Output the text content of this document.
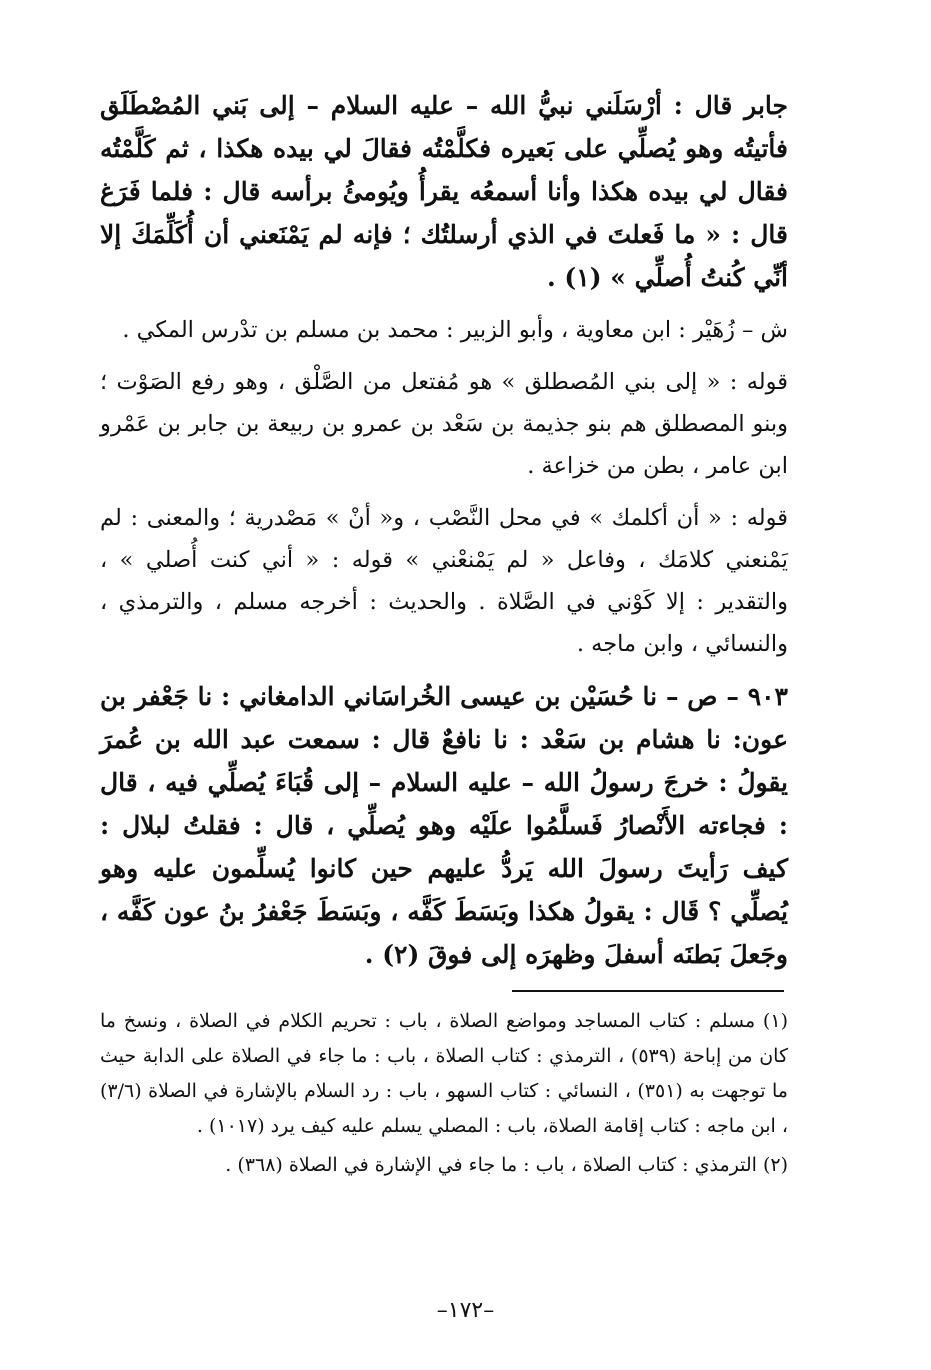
جابر قال : أرْسَلَني نبيُّ الله – عليه السلام – إلى بَني المُصْطَلَق فأتيتُه وهو يُصلِّي على بَعيره فكلَّمْتُه فقالَ لي بيده هكذا ، ثم كَلَّمْتُه فقال لي بيده هكذا وأنا أسمعُه يقرأُ ويُومئُ برأسه قال : فلما فَرَغ قال : « ما فَعلتَ في الذي أرسلتُك ؛ فإنه لم يَمْنَعني أن أُكَلِّمَكَ إلا أنِّي كُنتُ أُصلِّي » (١) .

ش – زُهَيْر : ابن معاوية ، وأبو الزبير : محمد بن مسلم بن تدْرس المكي .

قوله : « إلى بني المُصطلق » هو مُفتعل من الصَّلْق ، وهو رفع الصَوْت ؛ وبنو المصطلق هم بنو جذيمة بن سَعْد بن عمرو بن ربيعة بن جابر بن عَمْرو ابن عامر ، بطن من خزاعة .

قوله : « أن أكلمك » في محل النَّصْب ، و« أنْ » مَصْدرية ؛ والمعنى : لم يَمْنعني كلامَك ، وفاعل « لم يَمْنعْني » قوله : « أني كنت أُصلي » ، والتقدير : إلا كَوْني في الصَّلاة . والحديث : أخرجه مسلم ، والترمذي ، والنسائي ، وابن ماجه .

٩٠٣ – ص – نا حُسَيْن بن عيسى الخُراسَاني الدامغاني : نا جَعْفر بن عون: نا هشام بن سَعْد : نا نافعٌ قال : سمعت عبد الله بن عُمرَ يقولُ : خرجَ رسولُ الله – عليه السلام – إلى قُبَاءَ يُصلِّي فيه ، قال : فجاءته الأَنْصارُ فَسلَّمُوا علَيْه وهو يُصلِّي ، قال : فقلتُ لبلال : كيف رَأيتَ رسولَ الله يَردُّ عليهم حين كانوا يُسلِّمون عليه وهو يُصلِّي ؟ قَال : يقولُ هكذا وبَسَطَ كَفَّه ، وبَسَطَ جَعْفرُ بنُ عون كَفَّه ، وجَعلَ بَطنَه أسفلَ وظهرَه إلى فوقَ (٢) .

(١) مسلم : كتاب المساجد ومواضع الصلاة ، باب : تحريم الكلام في الصلاة ، ونسخ ما كان من إباحة (٥٣٩) ، الترمذي : كتاب الصلاة ، باب : ما جاء في الصلاة على الدابة حيث ما توجهت به (٣٥١) ، النسائي : كتاب السهو ، باب : رد السلام بالإشارة في الصلاة (٣/٦) ، ابن ماجه : كتاب إقامة الصلاة، باب : المصلي يسلم عليه كيف يرد (١٠١٧) .

(٢) الترمذي : كتاب الصلاة ، باب : ما جاء في الإشارة في الصلاة (٣٦٨) .

–١٧٢–
